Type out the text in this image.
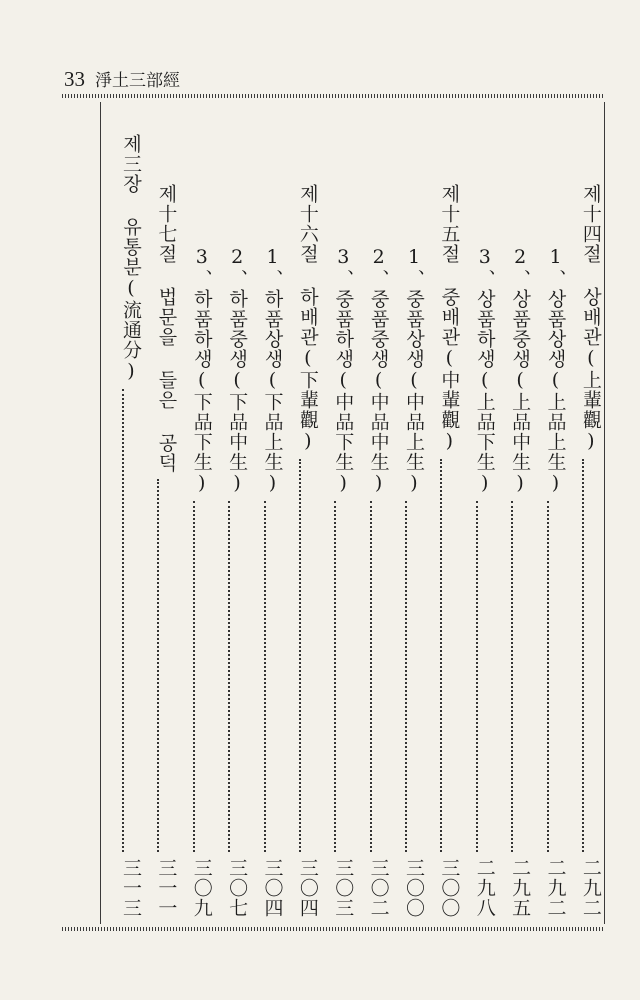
33 淨土三部經
제十四절 상배관(上輩觀)
二九二
1、상품상생(上品上生)
二九二
2、상품중생(上品中生)
二九五
3、상품하생(上品下生)
二九八
제十五절 중배관(中輩觀)
三〇〇
1、중품상생(中品上生)
三〇〇
2、중품중생(中品中生)
三〇二
3、중품하생(中品下生)
三〇三
제十六절 하배관(下輩觀)
三〇四
1、하품상생(下品上生)
三〇四
2、하품중생(下品中生)
三〇七
3、하품하생(下品下生)
三〇九
제十七절 법문을 들은 공덕
三一一
제三장 유통분(流通分)
三一三
